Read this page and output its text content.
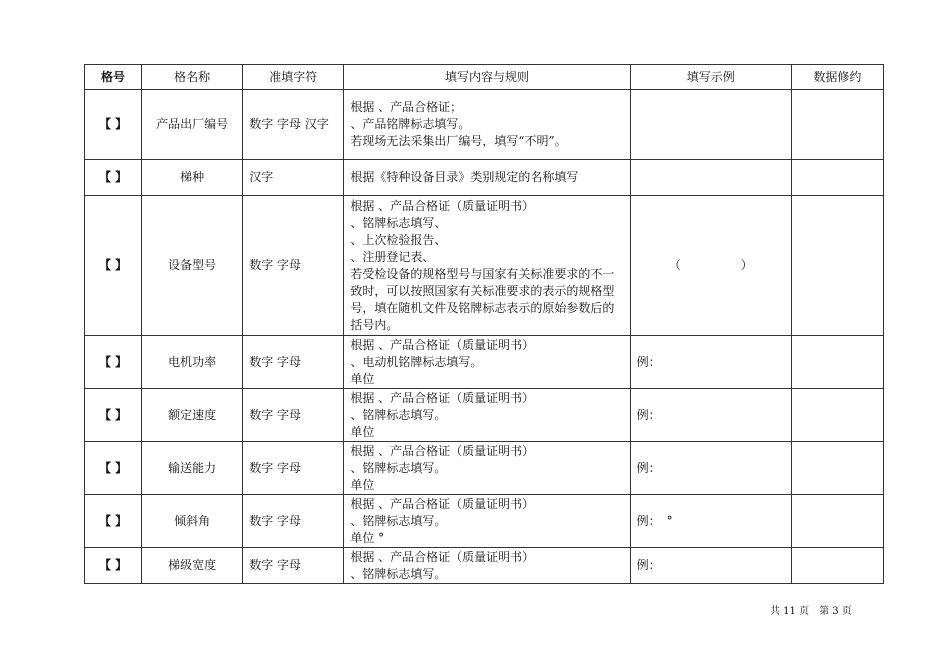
格号	格名称	准填字符	填写内容与规则	填写示例	数据修约
【 】	产品出厂编号	数字 字母 汉字	根据 、产品合格证；
、产品铭牌标志填写。
若现场无法采集出厂编号，填写“不明”。		

【 】	梯种	汉字	根据《特种设备目录》类别规定的名称填写		

【 】	设备型号	数字 字母	根据 、产品合格证（质量证明书）
、铭牌标志填写、
、上次检验报告、
、注册登记表、
若受检设备的规格型号与国家有关标准要求的不一致时，可以按照国家有关标准要求的表示的规格型号，填在随机文件及铭牌标志表示的原始参数后的括号内。	（　　　　　）	
【 】	电机功率	数字 字母	根据 、产品合格证（质量证明书）
、电动机铭牌标志填写。
单位	例：	
【 】	额定速度	数字 字母	根据 、产品合格证（质量证明书）
、铭牌标志填写。
单位	例：	
【 】	输送能力	数字 字母	根据 、产品合格证（质量证明书）
、铭牌标志填写。
单位	例：	
【 】	倾斜角	数字 字母	根据 、产品合格证（质量证明书）
、铭牌标志填写。
单位 °	例：　°	
【 】	梯级宽度	数字 字母	根据 、产品合格证（质量证明书）
、铭牌标志填写。	例：	
共 11 页　第 3 页
